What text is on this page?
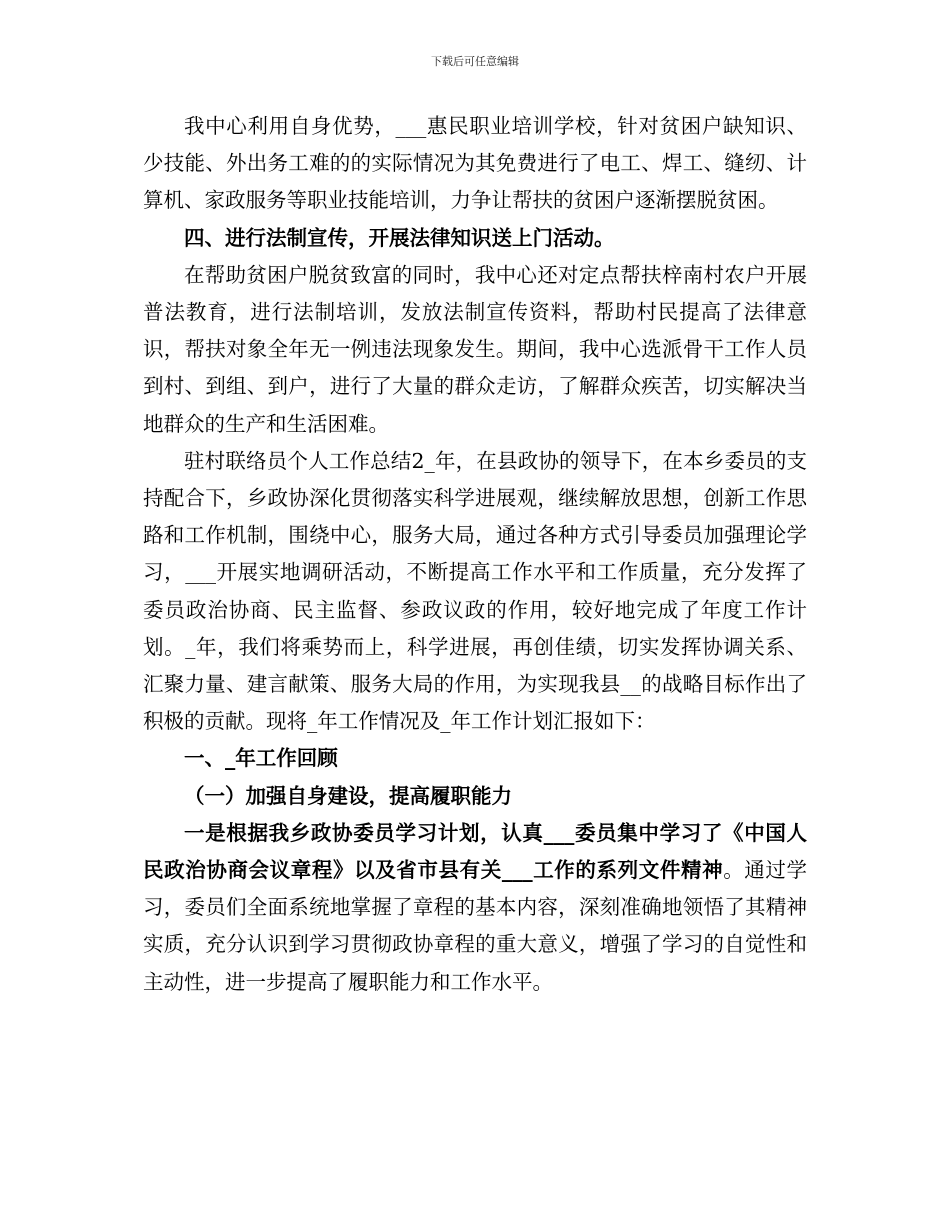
下载后可任意编辑

我中心利用自身优势，___惠民职业培训学校，针对贫困户缺知识、少技能、外出务工难的的实际情况为其免费进行了电工、焊工、缝纫、计算机、家政服务等职业技能培训，力争让帮扶的贫困户逐渐摆脱贫困。

四、进行法制宣传，开展法律知识送上门活动。

在帮助贫困户脱贫致富的同时，我中心还对定点帮扶梓南村农户开展普法教育，进行法制培训，发放法制宣传资料，帮助村民提高了法律意识，帮扶对象全年无一例违法现象发生。期间，我中心选派骨干工作人员到村、到组、到户，进行了大量的群众走访，了解群众疾苦，切实解决当地群众的生产和生活困难。

驻村联络员个人工作总结2_年，在县政协的领导下，在本乡委员的支持配合下，乡政协深化贯彻落实科学进展观，继续解放思想，创新工作思路和工作机制，围绕中心，服务大局，通过各种方式引导委员加强理论学习，___开展实地调研活动，不断提高工作水平和工作质量，充分发挥了委员政治协商、民主监督、参政议政的作用，较好地完成了年度工作计划。_年，我们将乘势而上，科学进展，再创佳绩，切实发挥协调关系、汇聚力量、建言献策、服务大局的作用，为实现我县__的战略目标作出了积极的贡献。现将_年工作情况及_年工作计划汇报如下：

一、_年工作回顾

（一）加强自身建设，提高履职能力

一是根据我乡政协委员学习计划，认真___委员集中学习了《中国人民政治协商会议章程》以及省市县有关___工作的系列文件精神。通过学习，委员们全面系统地掌握了章程的基本内容，深刻准确地领悟了其精神实质，充分认识到学习贯彻政协章程的重大意义，增强了学习的自觉性和主动性，进一步提高了履职能力和工作水平。
